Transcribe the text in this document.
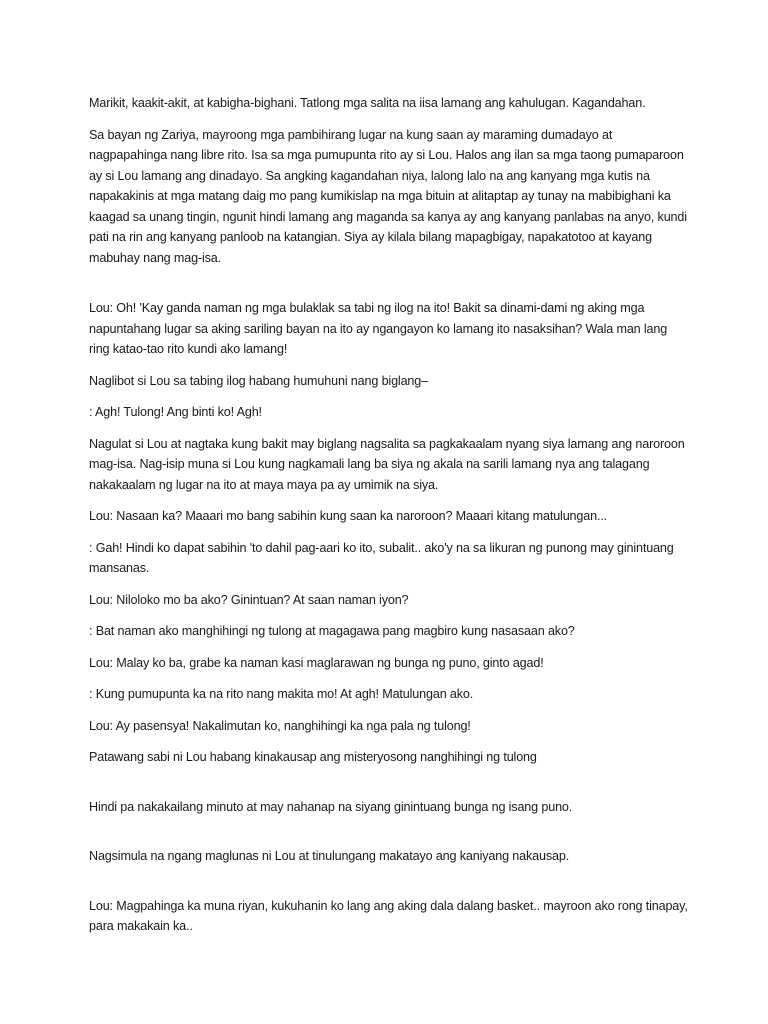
Marikit, kaakit-akit, at kabigha-bighani. Tatlong mga salita na iisa lamang ang kahulugan. Kagandahan.

Sa bayan ng Zariya, mayroong mga pambihirang lugar na kung saan ay maraming dumadayo at nagpapahinga nang libre rito. Isa sa mga pumupunta rito ay si Lou. Halos ang ilan sa mga taong pumaparoon ay si Lou lamang ang dinadayo. Sa angking kagandahan niya, lalong lalo na ang kanyang mga kutis na napakakinis at mga matang daig mo pang kumikislap na mga bituin at alitaptap ay tunay na mabibighani ka kaagad sa unang tingin, ngunit hindi lamang ang maganda sa kanya ay ang kanyang panlabas na anyo, kundi pati na rin ang kanyang panloob na katangian. Siya ay kilala bilang mapagbigay, napakatotoo at kayang mabuhay nang mag-isa.

Lou: Oh! 'Kay ganda naman ng mga bulaklak sa tabi ng ilog na ito! Bakit sa dinami-dami ng aking mga napuntahang lugar sa aking sariling bayan na ito ay ngangayon ko lamang ito nasaksihan? Wala man lang ring katao-tao rito kundi ako lamang!

Naglibot si Lou sa tabing ilog habang humuhuni nang biglang–

: Agh! Tulong! Ang binti ko! Agh!

Nagulat si Lou at nagtaka kung bakit may biglang nagsalita sa pagkakaalam nyang siya lamang ang naroroon mag-isa. Nag-isip muna si Lou kung nagkamali lang ba siya ng akala na sarili lamang nya ang talagang nakakaalam ng lugar na ito at maya maya pa ay umimik na siya.

Lou: Nasaan ka? Maaari mo bang sabihin kung saan ka naroroon? Maaari kitang matulungan...

: Gah! Hindi ko dapat sabihin 'to dahil pag-aari ko ito, subalit.. ako'y na sa likuran ng punong may ginintuang mansanas.

Lou: Niloloko mo ba ako? Ginintuan? At saan naman iyon?

: Bat naman ako manghihingi ng tulong at magagawa pang magbiro kung nasasaan ako?

Lou: Malay ko ba, grabe ka naman kasi maglarawan ng bunga ng puno, ginto agad!

: Kung pumupunta ka na rito nang makita mo! At agh! Matulungan ako.

Lou: Ay pasensya! Nakalimutan ko, nanghihingi ka nga pala ng tulong!

Patawang sabi ni Lou habang kinakausap ang misteryosong nanghihingi ng tulong

Hindi pa nakakailang minuto at may nahanap na siyang ginintuang bunga ng isang puno.

Nagsimula na ngang maglunas ni Lou at tinulungang makatayo ang kaniyang nakausap.

Lou: Magpahinga ka muna riyan, kukuhanin ko lang ang aking dala dalang basket.. mayroon ako rong tinapay, para makakain ka..
